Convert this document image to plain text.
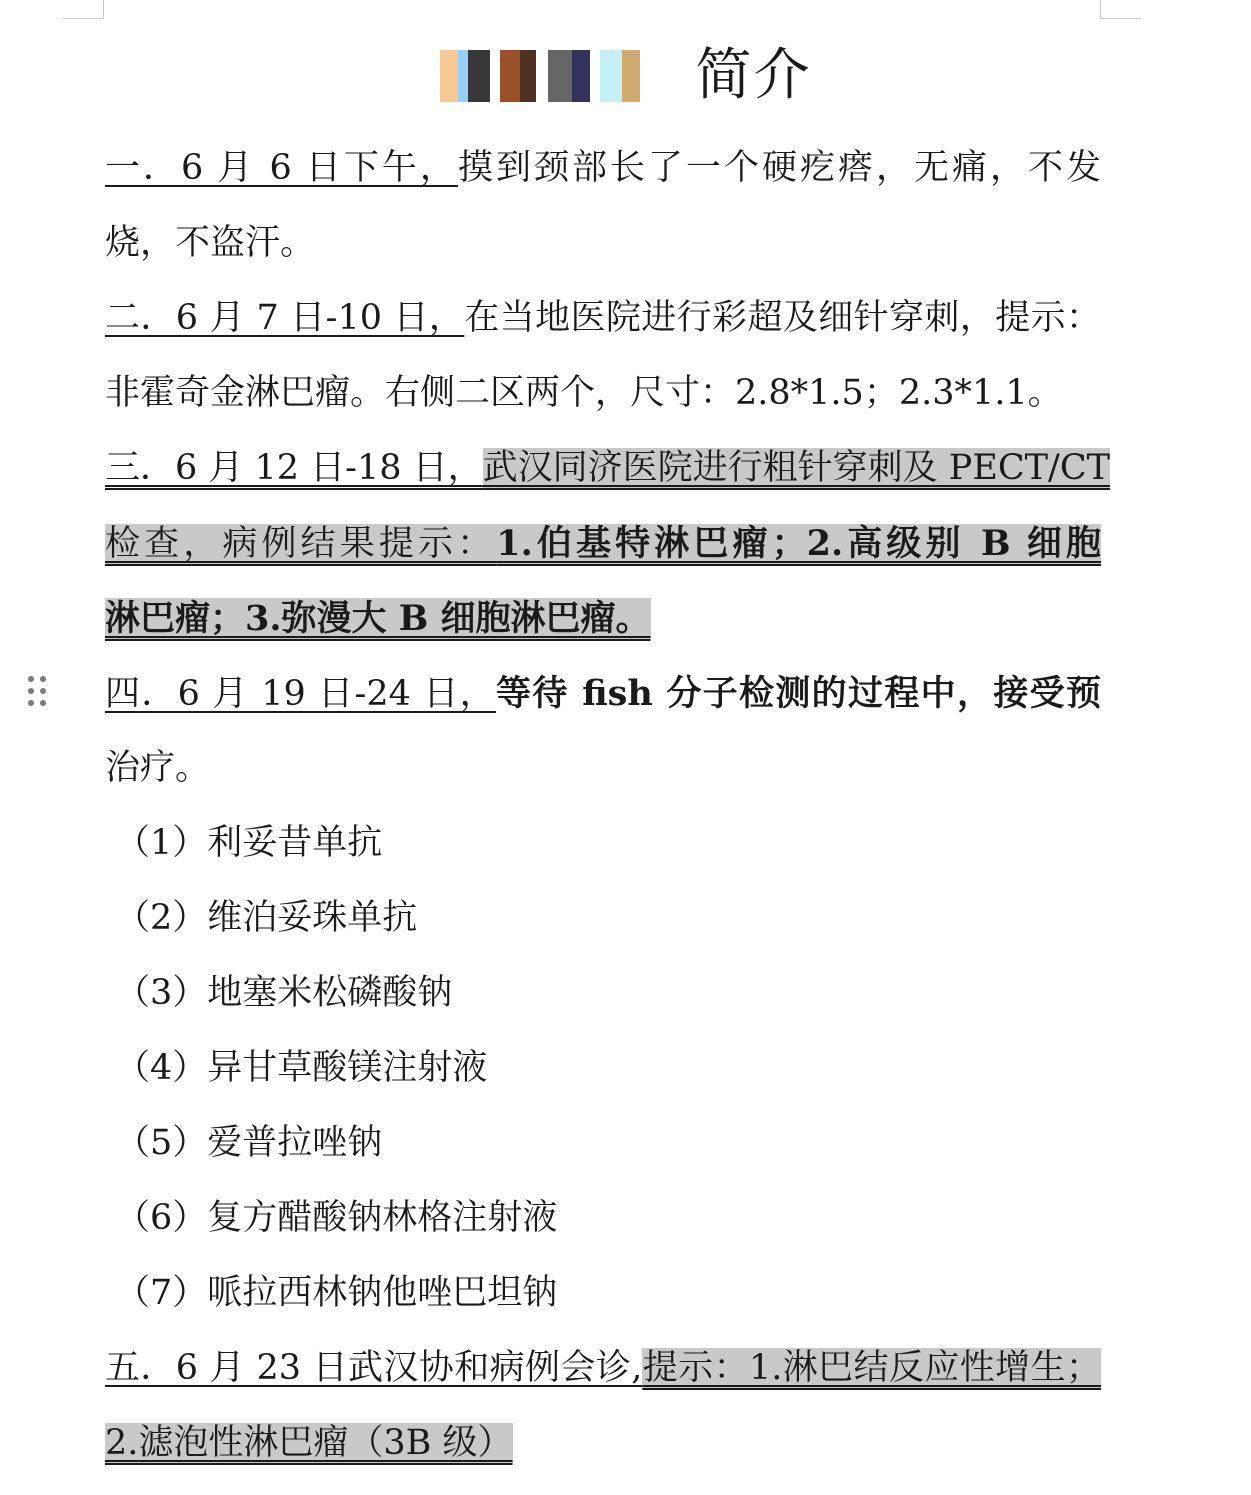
简介
一．6 月 6 日下午，摸到颈部长了一个硬疙瘩，无痛，不发
烧，不盗汗。
二．6 月 7 日-10 日，在当地医院进行彩超及细针穿刺，提示：
非霍奇金淋巴瘤。右侧二区两个，尺寸：2.8*1.5；2.3*1.1。
三．6 月 12 日-18 日，武汉同济医院进行粗针穿刺及 PECT/CT
检查，病例结果提示：1.伯基特淋巴瘤；2.高级别 B 细胞
淋巴瘤；3.弥漫大 B 细胞淋巴瘤。
四．6 月 19 日-24 日，等待 fish 分子检测的过程中，接受预
治疗。
（1）利妥昔单抗
（2）维泊妥珠单抗
（3）地塞米松磷酸钠
（4）异甘草酸镁注射液
（5）爱普拉唑钠
（6）复方醋酸钠林格注射液
（7）哌拉西林钠他唑巴坦钠
五．6 月 23 日武汉协和病例会诊,提示：1.淋巴结反应性增生；
2.滤泡性淋巴瘤（3B 级）
